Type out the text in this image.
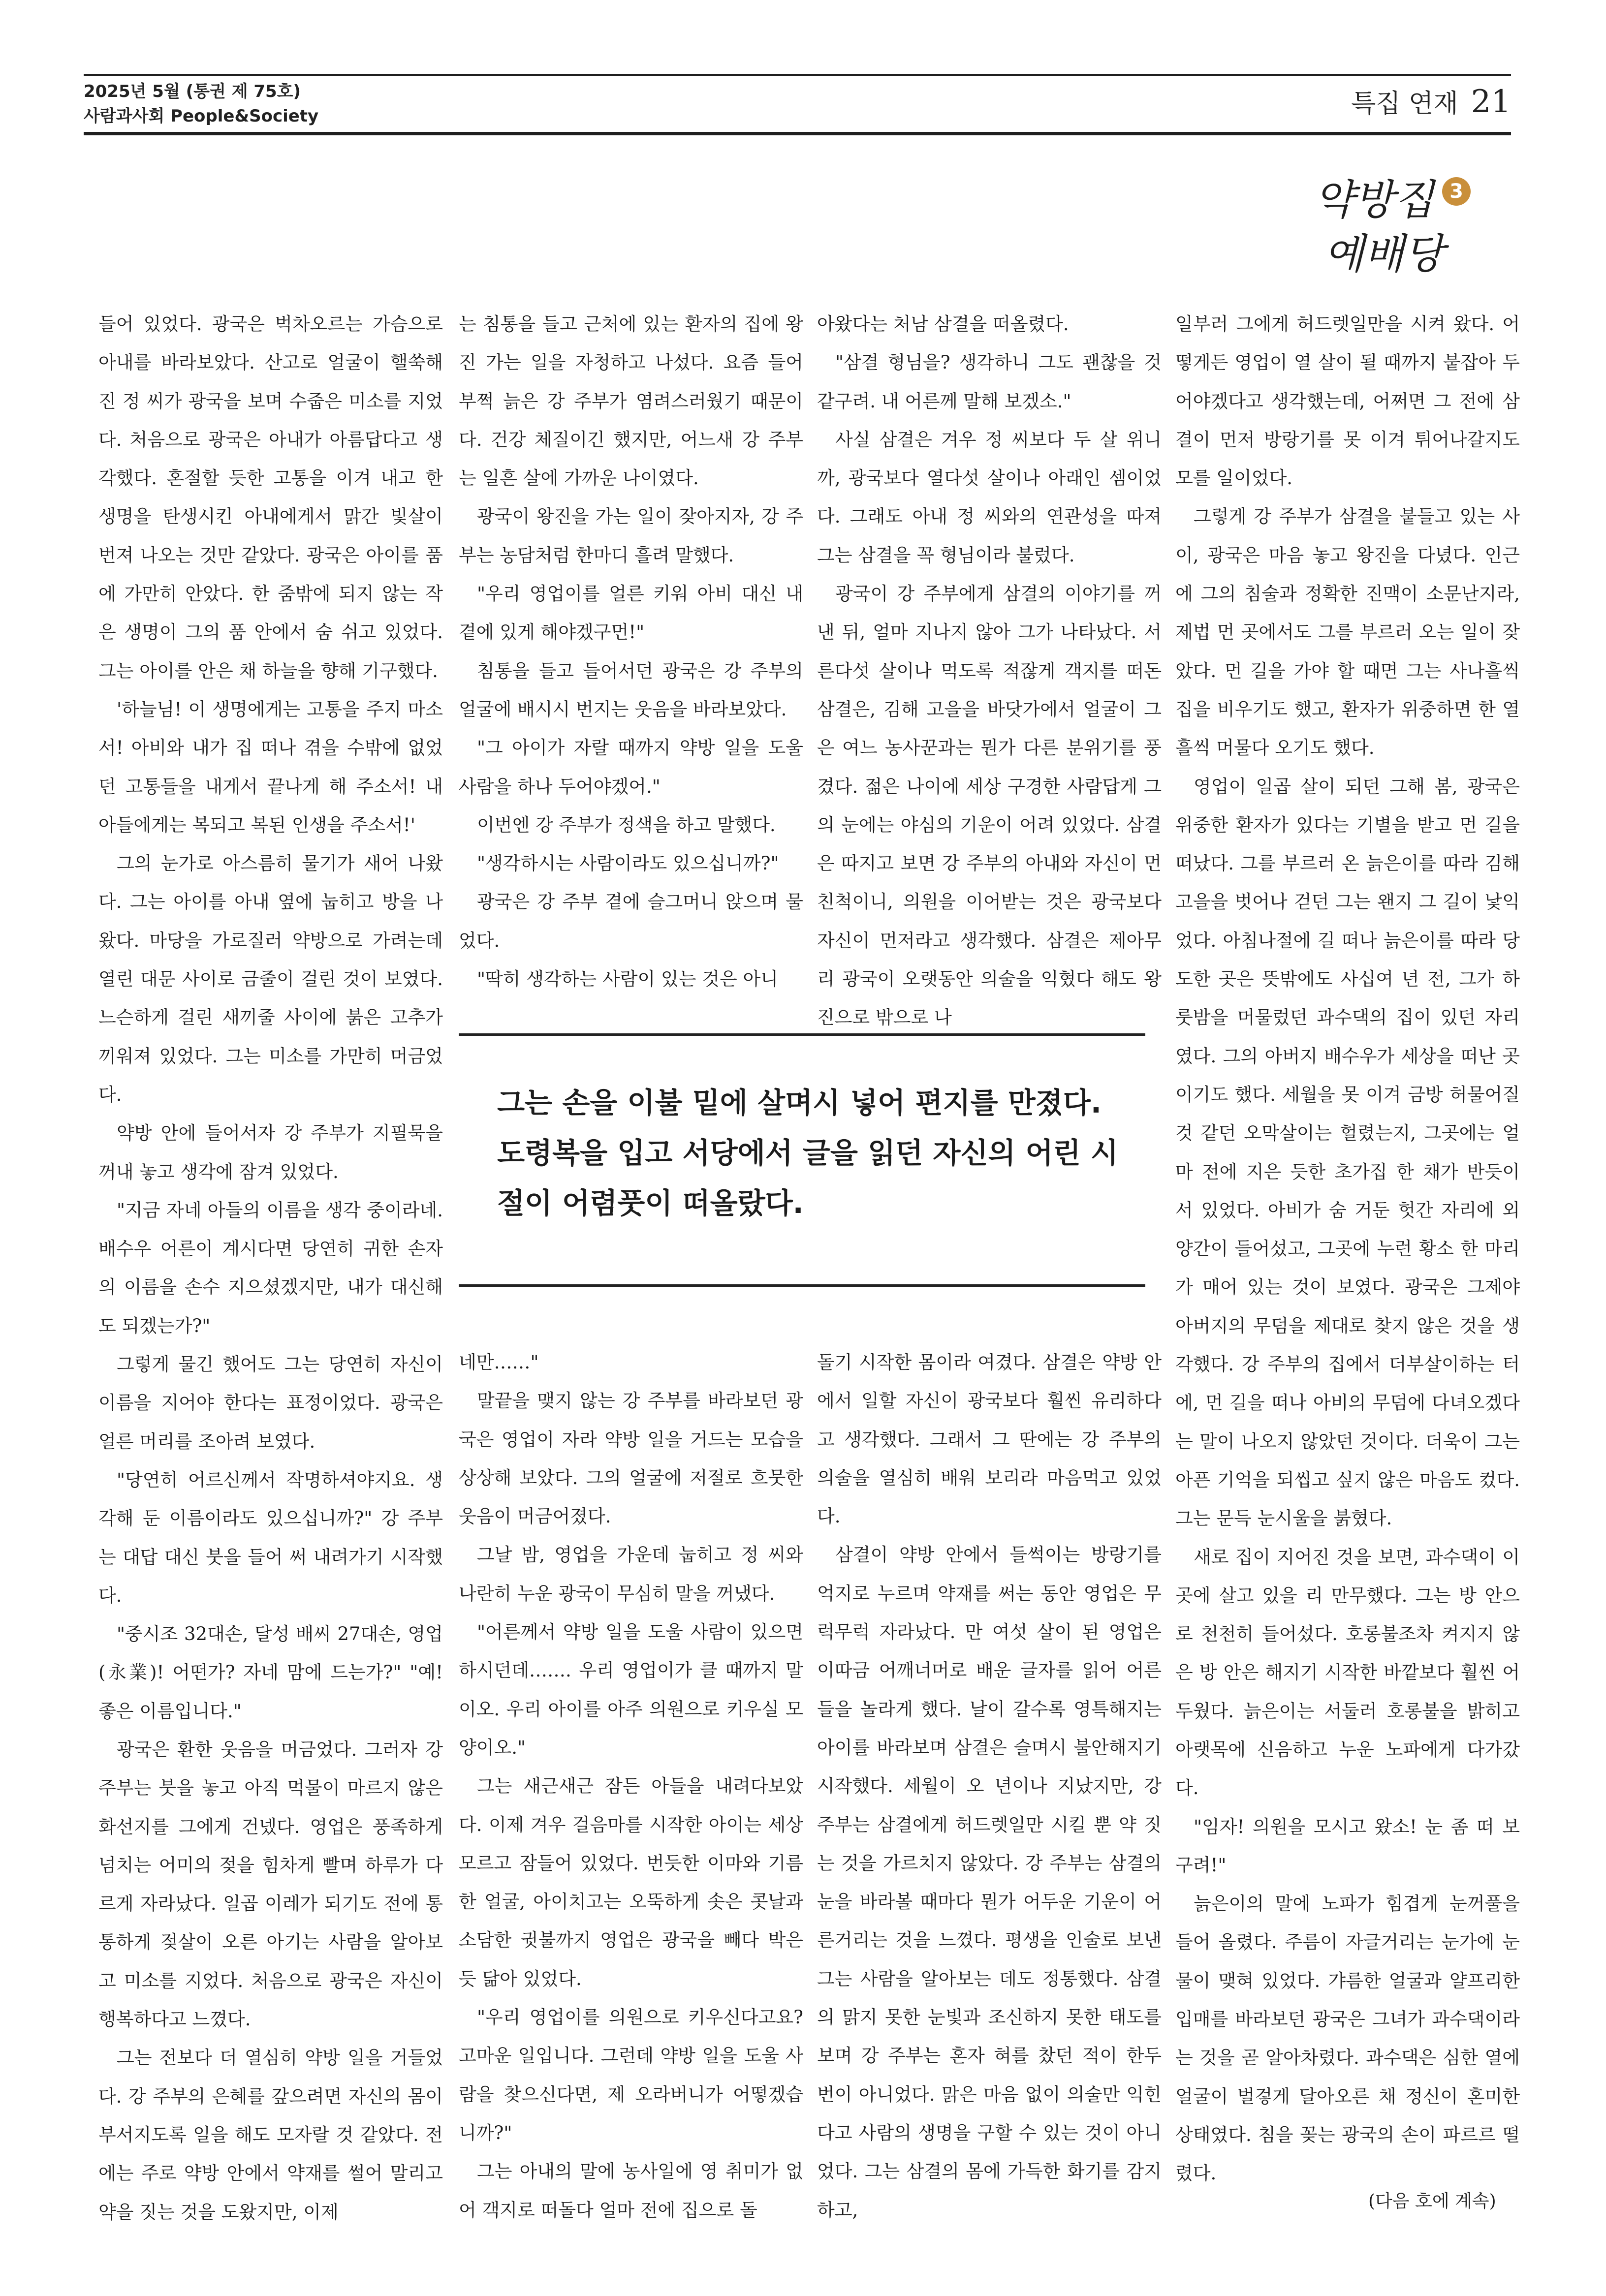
2025년 5월 (통권 제 75호)
사람과사회 People&Society	특집 연재 21
약방집
예배당
3

들어 있었다. 광국은 벅차오르는 가슴으로 아내를 바라보았다. 산고로 얼굴이 핼쑥해진 정 씨가 광국을 보며 수줍은 미소를 지었다. 처음으로 광국은 아내가 아름답다고 생각했다. 혼절할 듯한 고통을 이겨 내고 한 생명을 탄생시킨 아내에게서 맑간 빛살이 번져 나오는 것만 같았다. 광국은 아이를 품에 가만히 안았다. 한 줌밖에 되지 않는 작은 생명이 그의 품 안에서 숨 쉬고 있었다. 그는 아이를 안은 채 하늘을 향해 기구했다.

'하늘님! 이 생명에게는 고통을 주지 마소서! 아비와 내가 집 떠나 겪을 수밖에 없었던 고통들을 내게서 끝나게 해 주소서! 내 아들에게는 복되고 복된 인생을 주소서!'

그의 눈가로 아스름히 물기가 새어 나왔다. 그는 아이를 아내 옆에 눕히고 방을 나왔다. 마당을 가로질러 약방으로 가려는데 열린 대문 사이로 금줄이 걸린 것이 보였다. 느슨하게 걸린 새끼줄 사이에 붉은 고추가 끼워져 있었다. 그는 미소를 가만히 머금었다.

약방 안에 들어서자 강 주부가 지필묵을 꺼내 놓고 생각에 잠겨 있었다.

"지금 자네 아들의 이름을 생각 중이라네. 배수우 어른이 계시다면 당연히 귀한 손자의 이름을 손수 지으셨겠지만, 내가 대신해도 되겠는가?"

그렇게 물긴 했어도 그는 당연히 자신이 이름을 지어야 한다는 표정이었다. 광국은 얼른 머리를 조아려 보였다.

"당연히 어르신께서 작명하셔야지요. 생각해 둔 이름이라도 있으십니까?" 강 주부는 대답 대신 붓을 들어 써 내려가기 시작했다.

"중시조 32대손, 달성 배씨 27대손, 영업(永業)! 어떤가? 자네 맘에 드는가?" "예! 좋은 이름입니다."

광국은 환한 웃음을 머금었다. 그러자 강 주부는 붓을 놓고 아직 먹물이 마르지 않은 화선지를 그에게 건넸다. 영업은 풍족하게 넘치는 어미의 젖을 힘차게 빨며 하루가 다르게 자라났다. 일곱 이레가 되기도 전에 통통하게 젖살이 오른 아기는 사람을 알아보고 미소를 지었다. 처음으로 광국은 자신이 행복하다고 느꼈다.

그는 전보다 더 열심히 약방 일을 거들었다. 강 주부의 은혜를 갚으려면 자신의 몸이 부서지도록 일을 해도 모자랄 것 같았다. 전에는 주로 약방 안에서 약재를 썰어 말리고 약을 짓는 것을 도왔지만, 이제

는 침통을 들고 근처에 있는 환자의 집에 왕진 가는 일을 자청하고 나섰다. 요즘 들어 부쩍 늙은 강 주부가 염려스러웠기 때문이다. 건강 체질이긴 했지만, 어느새 강 주부는 일흔 살에 가까운 나이였다.

광국이 왕진을 가는 일이 잦아지자, 강 주부는 농담처럼 한마디 흘려 말했다.

"우리 영업이를 얼른 키워 아비 대신 내 곁에 있게 해야겠구먼!"

침통을 들고 들어서던 광국은 강 주부의 얼굴에 배시시 번지는 웃음을 바라보았다.

"그 아이가 자랄 때까지 약방 일을 도울 사람을 하나 두어야겠어."

이번엔 강 주부가 정색을 하고 말했다.

"생각하시는 사람이라도 있으십니까?"

광국은 강 주부 곁에 슬그머니 앉으며 물었다.

"딱히 생각하는 사람이 있는 것은 아니

아왔다는 처남 삼결을 떠올렸다.

"삼결 형님을? 생각하니 그도 괜찮을 것 같구려. 내 어른께 말해 보겠소."

사실 삼결은 겨우 정 씨보다 두 살 위니까, 광국보다 열다섯 살이나 아래인 셈이었다. 그래도 아내 정 씨와의 연관성을 따져 그는 삼결을 꼭 형님이라 불렀다.

광국이 강 주부에게 삼결의 이야기를 꺼낸 뒤, 얼마 지나지 않아 그가 나타났다. 서른다섯 살이나 먹도록 적잖게 객지를 떠돈 삼결은, 김해 고을을 바닷가에서 얼굴이 그은 여느 농사꾼과는 뭔가 다른 분위기를 풍겼다. 젊은 나이에 세상 구경한 사람답게 그의 눈에는 야심의 기운이 어려 있었다. 삼결은 따지고 보면 강 주부의 아내와 자신이 먼 친척이니, 의원을 이어받는 것은 광국보다 자신이 먼저라고 생각했다. 삼결은 제아무리 광국이 오랫동안 의술을 익혔다 해도 왕진으로 밖으로 나

일부러 그에게 허드렛일만을 시켜 왔다. 어떻게든 영업이 열 살이 될 때까지 붙잡아 두어야겠다고 생각했는데, 어쩌면 그 전에 삼결이 먼저 방랑기를 못 이겨 튀어나갈지도 모를 일이었다.

그렇게 강 주부가 삼결을 붙들고 있는 사이, 광국은 마음 놓고 왕진을 다녔다. 인근에 그의 침술과 정확한 진맥이 소문난지라, 제법 먼 곳에서도 그를 부르러 오는 일이 잦았다. 먼 길을 가야 할 때면 그는 사나흘씩 집을 비우기도 했고, 환자가 위중하면 한 열흘씩 머물다 오기도 했다.

영업이 일곱 살이 되던 그해 봄, 광국은 위중한 환자가 있다는 기별을 받고 먼 길을 떠났다. 그를 부르러 온 늙은이를 따라 김해 고을을 벗어나 걷던 그는 왠지 그 길이 낯익었다. 아침나절에 길 떠나 늙은이를 따라 당도한 곳은 뜻밖에도 사십여 년 전, 그가 하룻밤을 머물렀던 과수댁의 집이 있던 자리였다. 그의 아버지 배수우가 세상을 떠난 곳이기도 했다. 세월을 못 이겨 금방 허물어질 것 같던 오막살이는 헐렸는지, 그곳에는 얼마 전에 지은 듯한 초가집 한 채가 반듯이 서 있었다. 아비가 숨 거둔 헛간 자리에 외양간이 들어섰고, 그곳에 누런 황소 한 마리가 매어 있는 것이 보였다. 광국은 그제야 아버지의 무덤을 제대로 찾지 않은 것을 생각했다. 강 주부의 집에서 더부살이하는 터에, 먼 길을 떠나 아비의 무덤에 다녀오겠다는 말이 나오지 않았던 것이다. 더욱이 그는 아픈 기억을 되씹고 싶지 않은 마음도 컸다. 그는 문득 눈시울을 붉혔다.

새로 집이 지어진 것을 보면, 과수댁이 이곳에 살고 있을 리 만무했다. 그는 방 안으로 천천히 들어섰다. 호롱불조차 켜지지 않은 방 안은 해지기 시작한 바깥보다 훨씬 어두웠다. 늙은이는 서둘러 호롱불을 밝히고 아랫목에 신음하고 누운 노파에게 다가갔다.

"임자! 의원을 모시고 왔소! 눈 좀 떠 보구려!"

늙은이의 말에 노파가 힘겹게 눈꺼풀을 들어 올렸다. 주름이 자글거리는 눈가에 눈물이 맺혀 있었다. 갸름한 얼굴과 얄프리한 입매를 바라보던 광국은 그녀가 과수댁이라는 것을 곧 알아차렸다. 과수댁은 심한 열에 얼굴이 벌겋게 달아오른 채 정신이 혼미한 상태였다. 침을 꽂는 광국의 손이 파르르 떨렸다.

그는 손을 이불 밑에 살며시 넣어 편지를 만졌다. 도령복을 입고 서당에서 글을 읽던 자신의 어린 시절이 어렴풋이 떠올랐다.

네만……"

말끝을 맺지 않는 강 주부를 바라보던 광국은 영업이 자라 약방 일을 거드는 모습을 상상해 보았다. 그의 얼굴에 저절로 흐뭇한 웃음이 머금어졌다.

그날 밤, 영업을 가운데 눕히고 정 씨와 나란히 누운 광국이 무심히 말을 꺼냈다.

"어른께서 약방 일을 도울 사람이 있으면 하시던데……. 우리 영업이가 클 때까지 말이오. 우리 아이를 아주 의원으로 키우실 모양이오."

그는 새근새근 잠든 아들을 내려다보았다. 이제 겨우 걸음마를 시작한 아이는 세상모르고 잠들어 있었다. 번듯한 이마와 기름한 얼굴, 아이치고는 오뚝하게 솟은 콧날과 소담한 귓불까지 영업은 광국을 빼다 박은 듯 닮아 있었다.

"우리 영업이를 의원으로 키우신다고요? 고마운 일입니다. 그런데 약방 일을 도울 사람을 찾으신다면, 제 오라버니가 어떻겠습니까?"

그는 아내의 말에 농사일에 영 취미가 없어 객지로 떠돌다 얼마 전에 집으로 돌

돌기 시작한 몸이라 여겼다. 삼결은 약방 안에서 일할 자신이 광국보다 훨씬 유리하다고 생각했다. 그래서 그 딴에는 강 주부의 의술을 열심히 배워 보리라 마음먹고 있었다.

삼결이 약방 안에서 들썩이는 방랑기를 억지로 누르며 약재를 써는 동안 영업은 무럭무럭 자라났다. 만 여섯 살이 된 영업은 이따금 어깨너머로 배운 글자를 읽어 어른들을 놀라게 했다. 날이 갈수록 영특해지는 아이를 바라보며 삼결은 슬며시 불안해지기 시작했다. 세월이 오 년이나 지났지만, 강 주부는 삼결에게 허드렛일만 시킬 뿐 약 짓는 것을 가르치지 않았다. 강 주부는 삼결의 눈을 바라볼 때마다 뭔가 어두운 기운이 어른거리는 것을 느꼈다. 평생을 인술로 보낸 그는 사람을 알아보는 데도 정통했다. 삼결의 맑지 못한 눈빛과 조신하지 못한 태도를 보며 강 주부는 혼자 혀를 찼던 적이 한두 번이 아니었다. 맑은 마음 없이 의술만 익힌다고 사람의 생명을 구할 수 있는 것이 아니었다. 그는 삼결의 몸에 가득한 화기를 감지하고,	(다음 호에 계속)
